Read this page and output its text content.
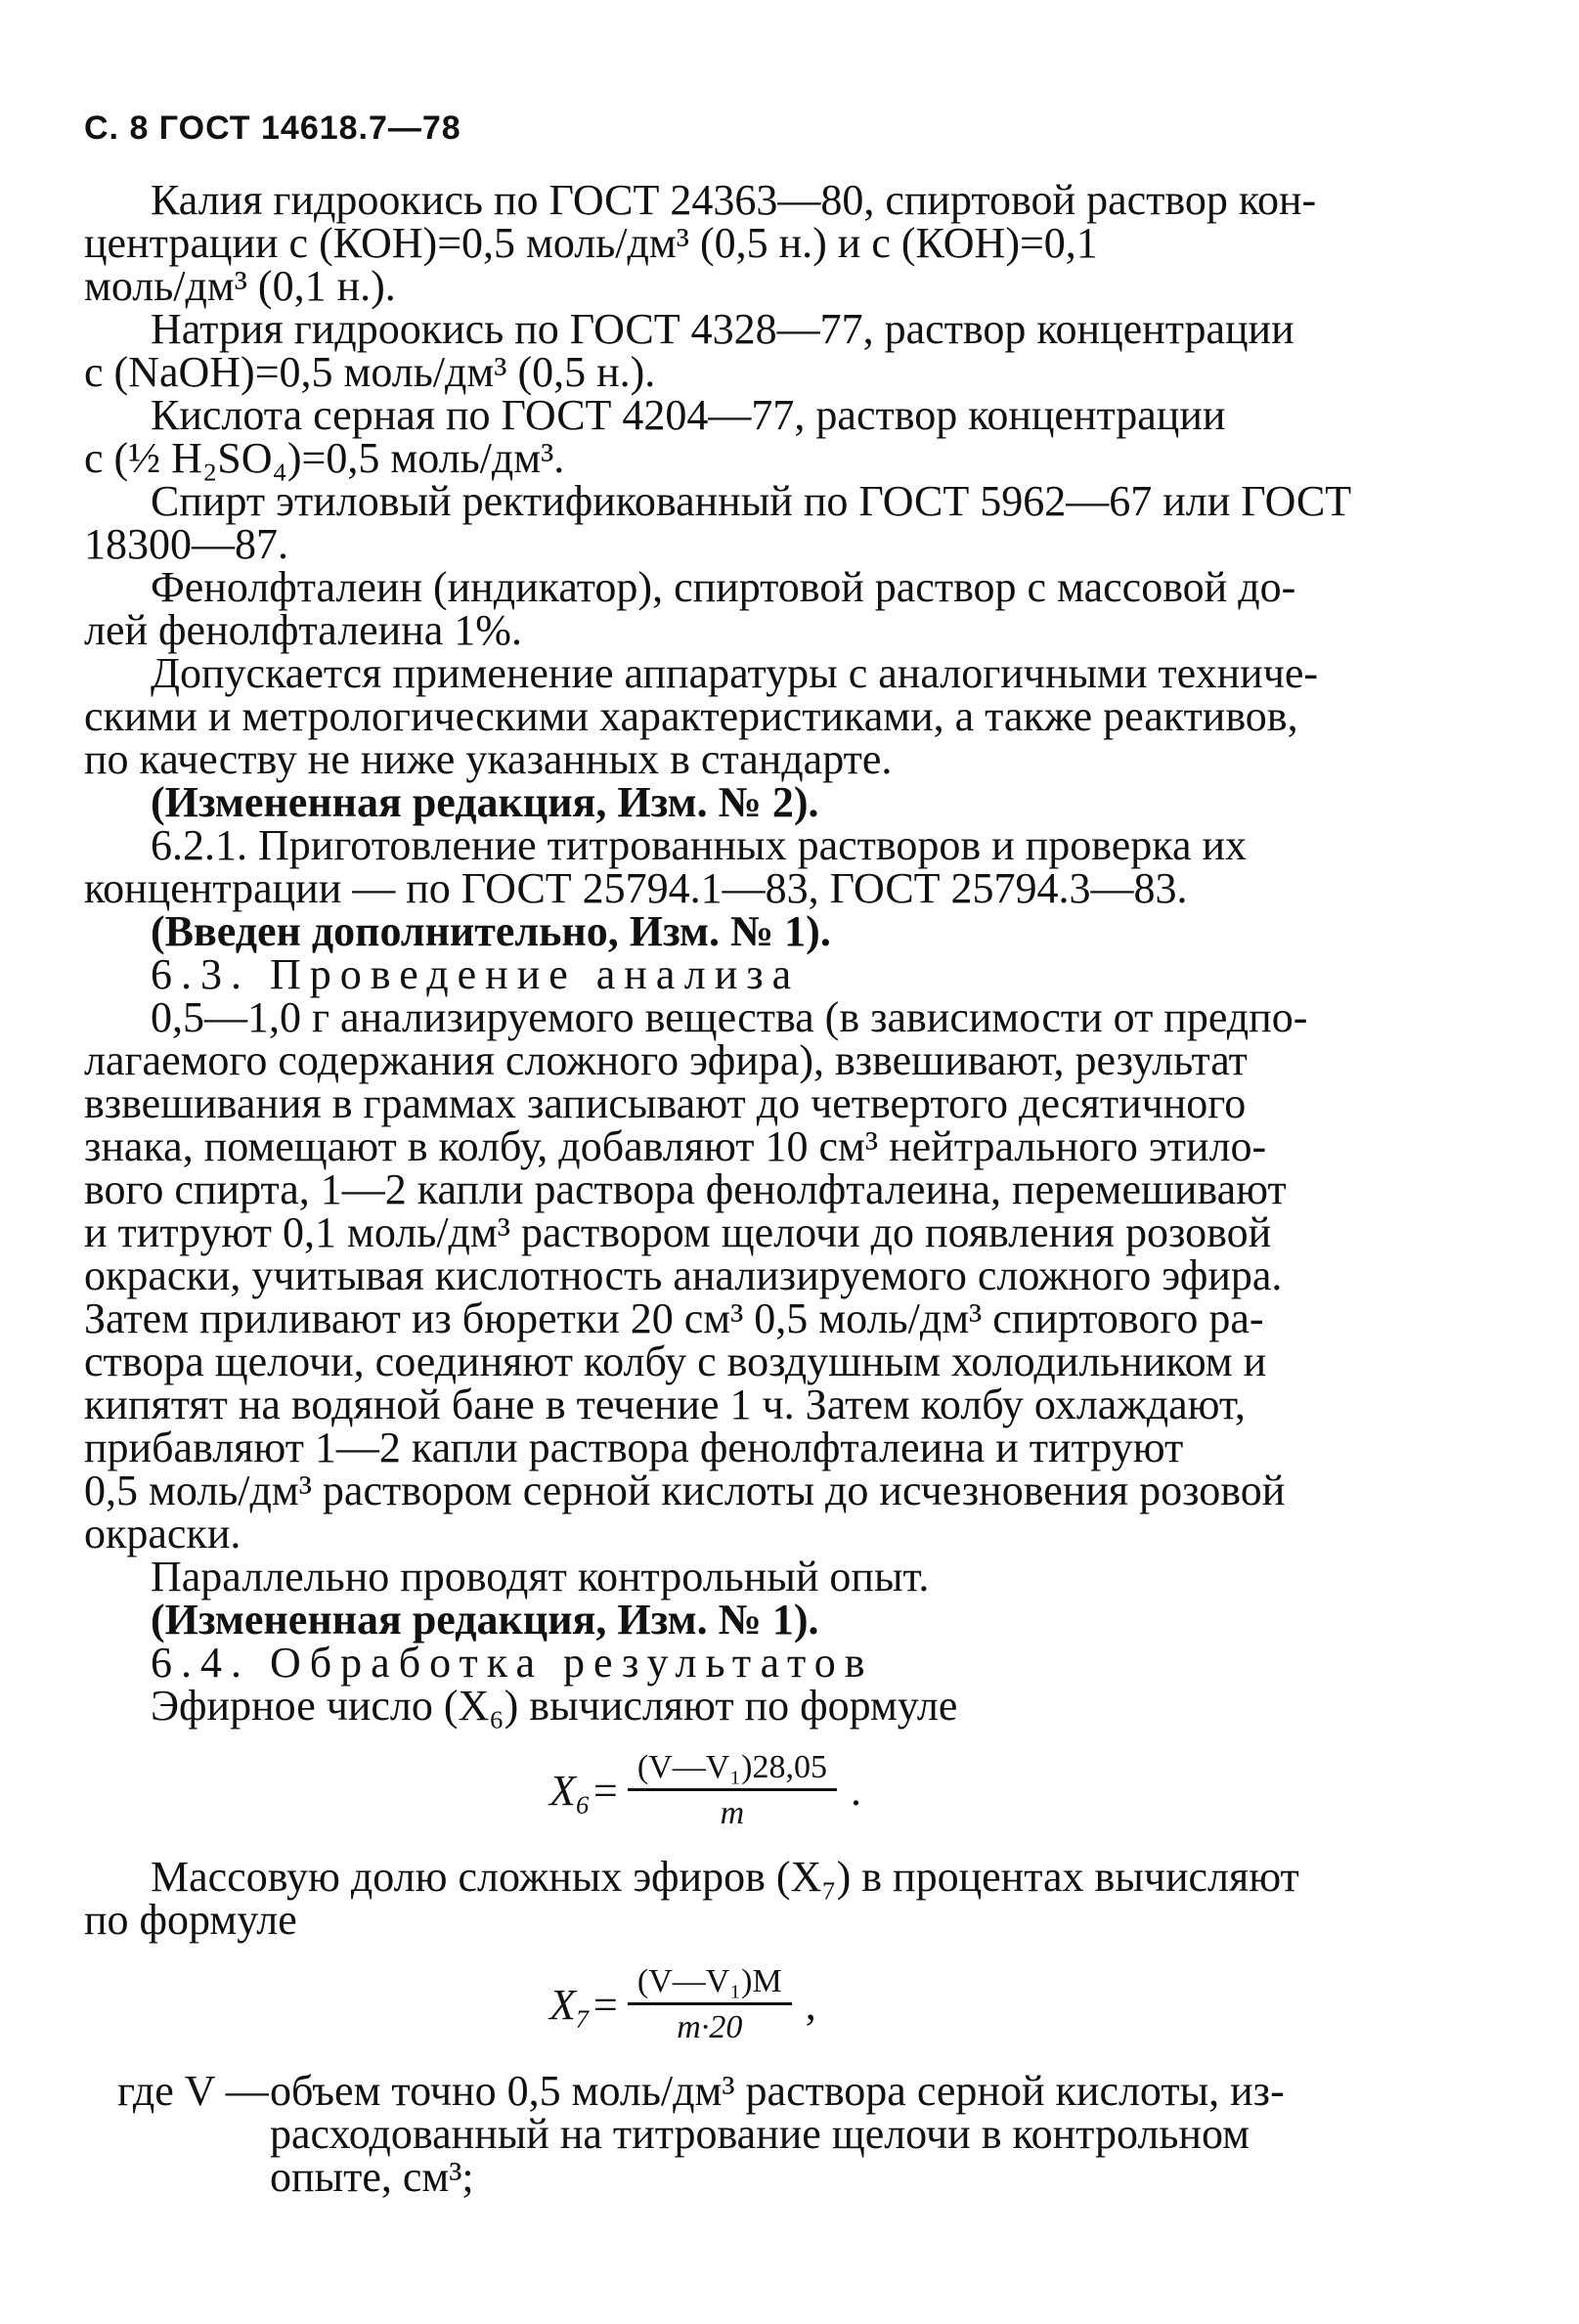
С. 8 ГОСТ 14618.7—78

Калия гидроокись по ГОСТ 24363—80, спиртовой раствор кон-

центрации c (КОН)=0,5 моль/дм³ (0,5 н.) и c (КОН)=0,1

моль/дм³ (0,1 н.).

Натрия гидроокись по ГОСТ 4328—77, раствор концентрации

c (NaOH)=0,5 моль/дм³ (0,5 н.).

Кислота серная по ГОСТ 4204—77, раствор концентрации

c (½ H₂SO₄)=0,5 моль/дм³.

Спирт этиловый ректификованный по ГОСТ 5962—67 или ГОСТ

18300—87.

Фенолфталеин (индикатор), спиртовой раствор с массовой до-

лей фенолфталеина 1%.

Допускается применение аппаратуры с аналогичными техниче-

скими и метрологическими характеристиками, а также реактивов,

по качеству не ниже указанных в стандарте.

(Измененная редакция, Изм. № 2).

6.2.1. Приготовление титрованных растворов и проверка их

концентрации — по ГОСТ 25794.1—83, ГОСТ 25794.3—83.

(Введен дополнительно, Изм. № 1).

6.3. Проведение анализа

0,5—1,0 г анализируемого вещества (в зависимости от предпо-

лагаемого содержания сложного эфира), взвешивают, результат

взвешивания в граммах записывают до четвертого десятичного

знака, помещают в колбу, добавляют 10 см³ нейтрального этило-

вого спирта, 1—2 капли раствора фенолфталеина, перемешивают

и титруют 0,1 моль/дм³ раствором щелочи до появления розовой

окраски, учитывая кислотность анализируемого сложного эфира.

Затем приливают из бюретки 20 см³ 0,5 моль/дм³ спиртового ра-

створа щелочи, соединяют колбу с воздушным холодильником и

кипятят на водяной бане в течение 1 ч. Затем колбу охлаждают,

прибавляют 1—2 капли раствора фенолфталеина и титруют

0,5 моль/дм³ раствором серной кислоты до исчезновения розовой

окраски.

Параллельно проводят контрольный опыт.

(Измененная редакция, Изм. № 1).

6.4. Обработка результатов

Эфирное число (X₆) вычисляют по формуле

$X_6= \frac{\text{(V—V₁)28,05}}{m}$ .

Массовую долю сложных эфиров (X₇) в процентах вычисляют

по формуле

$X_7= \frac{\text{(V—V₁)M}}{m\cdot 20}$ ,
где V — объем точно 0,5 моль/дм³ раствора серной кислоты, из-
расходованный на титрование щелочи в контрольном
опыте, см³;
